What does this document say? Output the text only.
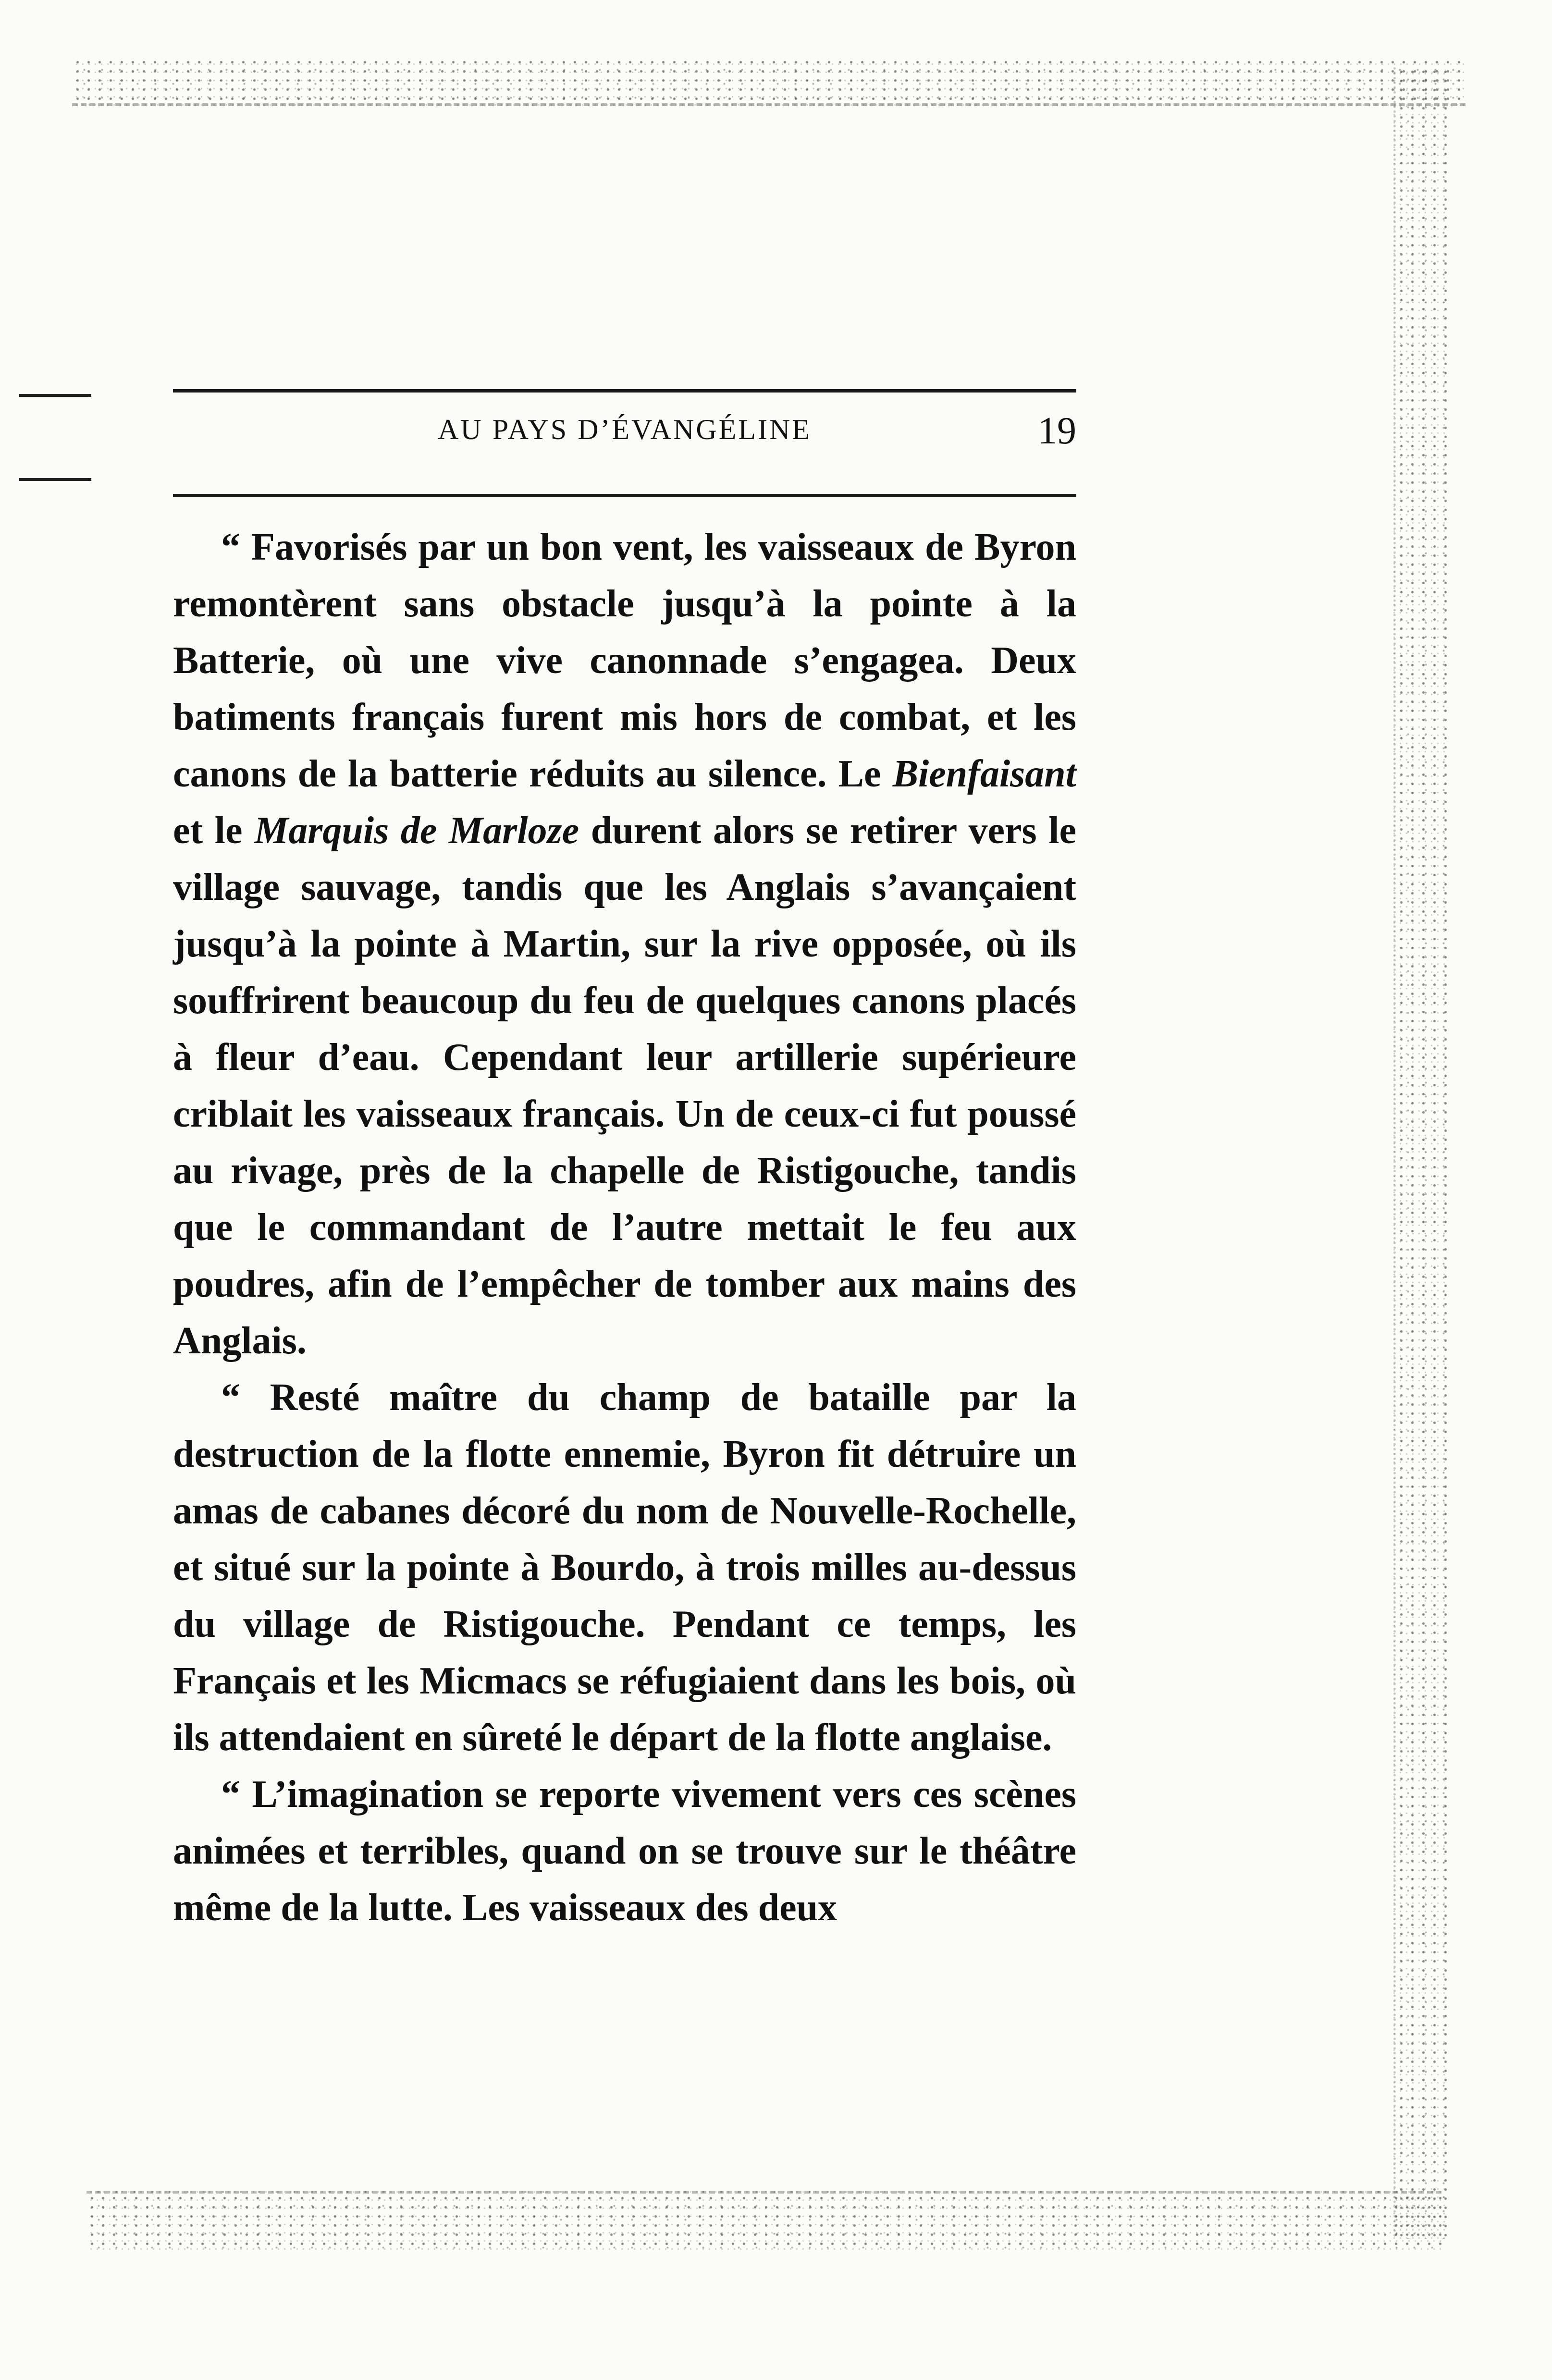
AU PAYS D’ÉVANGÉLINE	19

“ Favorisés par un bon vent, les vaisseaux de Byron remontèrent sans obstacle jusqu’à la pointe à la Batterie, où une vive canonnade s’engagea. Deux batiments français furent mis hors de combat, et les canons de la batterie réduits au silence. Le Bienfaisant et le Marquis de Marloze durent alors se retirer vers le village sauvage, tandis que les Anglais s’avançaient jusqu’à la pointe à Martin, sur la rive opposée, où ils souffrirent beaucoup du feu de quelques canons placés à fleur d’eau. Cependant leur artillerie supérieure criblait les vaisseaux français. Un de ceux-ci fut poussé au rivage, près de la chapelle de Ristigouche, tandis que le commandant de l’autre mettait le feu aux poudres, afin de l’empêcher de tomber aux mains des Anglais.

“ Resté maître du champ de bataille par la destruction de la flotte ennemie, Byron fit détruire un amas de cabanes décoré du nom de Nouvelle-Rochelle, et situé sur la pointe à Bourdo, à trois milles au-dessus du village de Ristigouche. Pendant ce temps, les Français et les Micmacs se réfugiaient dans les bois, où ils attendaient en sûreté le départ de la flotte anglaise.

“ L’imagination se reporte vivement vers ces scènes animées et terribles, quand on se trouve sur le théâtre même de la lutte. Les vaisseaux des deux
